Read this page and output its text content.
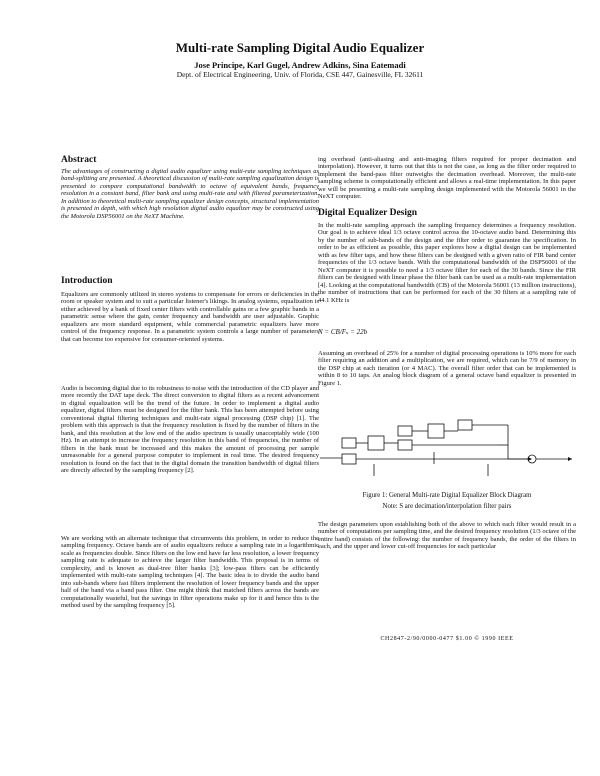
Multi-rate Sampling Digital Audio Equalizer
Jose Principe, Karl Gugel, Andrew Adkins, Sina Eatemadi
Dept. of Electrical Engineering, Univ. of Florida, CSE 447, Gainesville, FL 32611
Abstract

The advantages of constructing a digital audio equalizer using multi-rate sampling techniques as band-splitting are presented. A theoretical discussion of multi-rate sampling equalization design is presented to compare computational bandwidth to octave of equivalent bands, frequency resolution in a constant band, filter bank and using multi-rate and with filtered parameterization. In addition to theoretical multi-rate sampling equalizer design concepts, structural implementation is presented in depth, with which high resolution digital audio equalizer may be constructed using the Motorola DSP56001 on the NeXT Machine.

Introduction

Equalizers are commonly utilized in stereo systems to compensate for errors or deficiencies in the room or speaker system and to suit a particular listener's likings. In analog systems, equalization is either achieved by a bank of fixed center filters with controllable gains or a few graphic bands in a parametric sense where the gain, center frequency and bandwidth are user adjustable. Graphic equalizers are more standard equipment, while commercial parametric equalizers have more control of the frequency response. In a parametric system controls a large number of parameters that can become too expensive for consumer-oriented systems.

Audio is becoming digital due to its robustness to noise with the introduction of the CD player and more recently the DAT tape deck. The direct conversion to digital filters as a recent advancement in digital equalization will be the trend of the future. In order to implement a digital audio equalizer, digital filters must be designed for the filter bank. This has been attempted before using conventional digital filtering techniques and multi-rate signal processing (DSP chip) [1]. The problem with this approach is that the frequency resolution is fixed by the number of filters in the bank, and this resolution at the low end of the audio spectrum is usually unacceptably wide (100 Hz). In an attempt to increase the frequency resolution in this band of frequencies, the number of filters in the bank must be increased and this makes the amount of processing per sample unreasonable for a general purpose computer to implement in real time. The desired frequency resolution is found on the fact that in the digital domain the transition bandwidth of digital filters are directly affected by the sampling frequency [2].

We are working with an alternate technique that circumvents this problem, in order to reduce the sampling frequency. Octave bands are of audio equalizers reduce a sampling rate in a logarithmic scale as frequencies double. Since filters on the low end have far less resolution, a lower frequency sampling rate is adequate to achieve the larger filter bandwidth. This proposal is in terms of complexity, and is known as dual-tree filter banks [3]; low-pass filters can be efficiently implemented with multi-rate sampling techniques [4]. The basic idea is to divide the audio band into sub-bands where fast filters implement the resolution of lower frequency bands and the upper half of the band via a band pass filter. One might think that matched filters across the bands are computationally wasteful, but the savings in filter operations make up for it and hence this is the method used by the sampling frequency [5].

ing overhead (anti-aliasing and anti-imaging filters required for proper decimation and interpolation). However, it turns out that this is not the case, as long as the filter order required to implement the band-pass filter outweighs the decimation overhead. Moreover, the multi-rate sampling scheme is computationally efficient and allows a real-time implementation. In this paper we will be presenting a multi-rate sampling design implemented with the Motorola 56001 in the NeXT computer.

Digital Equalizer Design

In the multi-rate sampling approach the sampling frequency determines a frequency resolution. Our goal is to achieve ideal 1/3 octave control across the 10-octave audio band. Determining this by the number of sub-bands of the design and the filter order to guarantee the specification. In order to be as efficient as possible, this paper explores how a digital design can be implemented with as few filter taps, and how these filters can be designed with a given ratio of FIR band center frequencies of the 1/3 octave bands. With the computational bandwidth of the DSP56001 of the NeXT computer it is possible to need a 1/3 octave filter for each of the 30 bands. Since the FIR filters can be designed with linear phase the filter bank can be used as a multi-rate implementation [4]. Looking at the computational bandwidth (CB) of the Motorola 56001 (13 million instructions), the number of instructions that can be performed for each of the 30 filters at a sampling rate of 44.1 KHz is

N = CB/Fₛ = 22b

Assuming an overhead of 25% for a number of digital processing operations is 10% more for each filter requiring an addition and a multiplication, we are required, which can be 7/9 of memory in the DSP chip at each iteration (or 4 MAC). The overall filter order that can be implemented is within 8 to 10 taps. An analog block diagram of a general octave band equalizer is presented in Figure 1.

Figure 1: General Multi-rate Digital Equalizer Block Diagram
Note: S are decimation/interpolation filter pairs

The design parameters upon establishing both of the above to which each filter would result in a number of computations per sampling time, and the desired frequency resolution (1/3 octave of the entire band) consists of the following: the number of frequency bands, the order of the filters in each, and the upper and lower cut-off frequencies for each particular

CH2847-2/90/0000-0477 $1.00 © 1990 IEEE
